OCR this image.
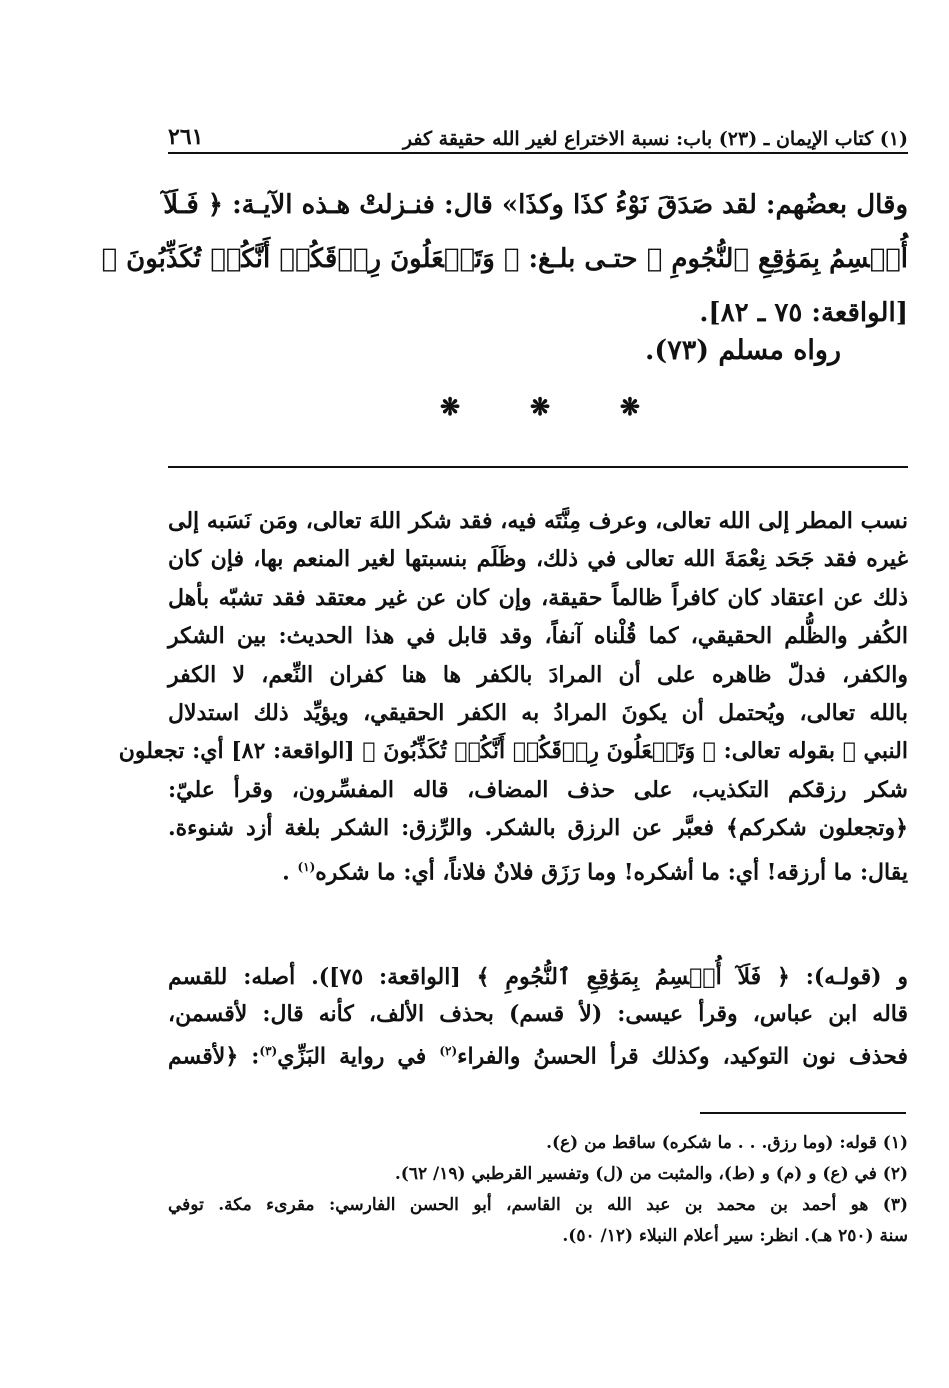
(١) كتاب الإيمان ـ (٢٣) باب: نسبة الاختراع لغير الله حقيقة كفر
٢٦١
وقال بعضُهم: لقد صَدَقَ نَوْءُ كذَا وكذَا» قال: فنـزلتْ هـذه الآيـة: ﴿ فَـلَآ
أُقۡسِمُ بِمَوَٰقِعِ ٱلنُّجُومِ ﴾ حتـى بلـغ: ﴿ وَتَجۡعَلُونَ رِزۡقَكُمۡ أَنَّكُمۡ تُكَذِّبُونَ ﴾
[الواقعة: ٧٥ ـ ٨٢].
رواه مسلم (٧٣).
❋	❋	❋
نسب المطر إلى الله تعالى، وعرف مِنَّتَه فيه، فقد شكر اللهَ تعالى، ومَن نَسَبه إلى
غيره فقد جَحَد نِعْمَةَ الله تعالى في ذلك، وظَلَم بنسبتها لغير المنعم بها، فإن كان
ذلك عن اعتقاد كان كافراً ظالماً حقيقة، وإن كان عن غير معتقد فقد تشبّه بأهل
الكُفر والظُّلم الحقيقي، كما قُلْناه آنفاً، وقد قابل في هذا الحديث: بين الشكر
والكفر، فدلّ ظاهره على أن المرادَ بالكفر ها هنا كفران النِّعم، لا الكفر
بالله تعالى، ويُحتمل أن يكونَ المرادُ به الكفر الحقيقي، ويؤيِّد ذلك استدلال
النبي ﷺ بقوله تعالى: ﴿ وَتَجۡعَلُونَ رِزۡقَكُمۡ أَنَّكُمۡ تُكَذِّبُونَ ﴾ [الواقعة: ٨٢] أي: تجعلون
شكر رزقكم التكذيب، على حذف المضاف، قاله المفسِّرون، وقرأ عليّ:
﴿وتجعلون شكركم﴾ فعبَّر عن الرزق بالشكر. والرِّزق: الشكر بلغة أزد شنوءة.
يقال: ما أرزقه! أي: ما أشكره! وما رَزَق فلانٌ فلاناً، أي: ما شكره$^{(١)}$ .
و (قولـه): ﴿ فَلَآ أُقۡسِمُ بِمَوَٰقِعِ ٱلنُّجُومِ ﴾ [الواقعة: ٧٥]). أصله: للقسم
قاله ابن عباس، وقرأ عيسى: (لأ قسم) بحذف الألف، كأنه قال: لأقسمن،
فحذف نون التوكيد، وكذلك قرأ الحسنُ والفراء$^{(٢)}$ في رواية البَزِّي$^{(٣)}$: ﴿لأقسم
(١) قوله: (وما رزق. . . ما شكره) ساقط من (ع).
(٢) في (ع) و (م) و (ط)، والمثبت من (ل) وتفسير القرطبي (١٩/ ٦٢).
(٣) هو أحمد بن محمد بن عبد الله بن القاسم، أبو الحسن الفارسي: مقرىء مكة. توفي
سنة (٢٥٠ هـ). انظر: سير أعلام النبلاء (١٢/ ٥٠).
